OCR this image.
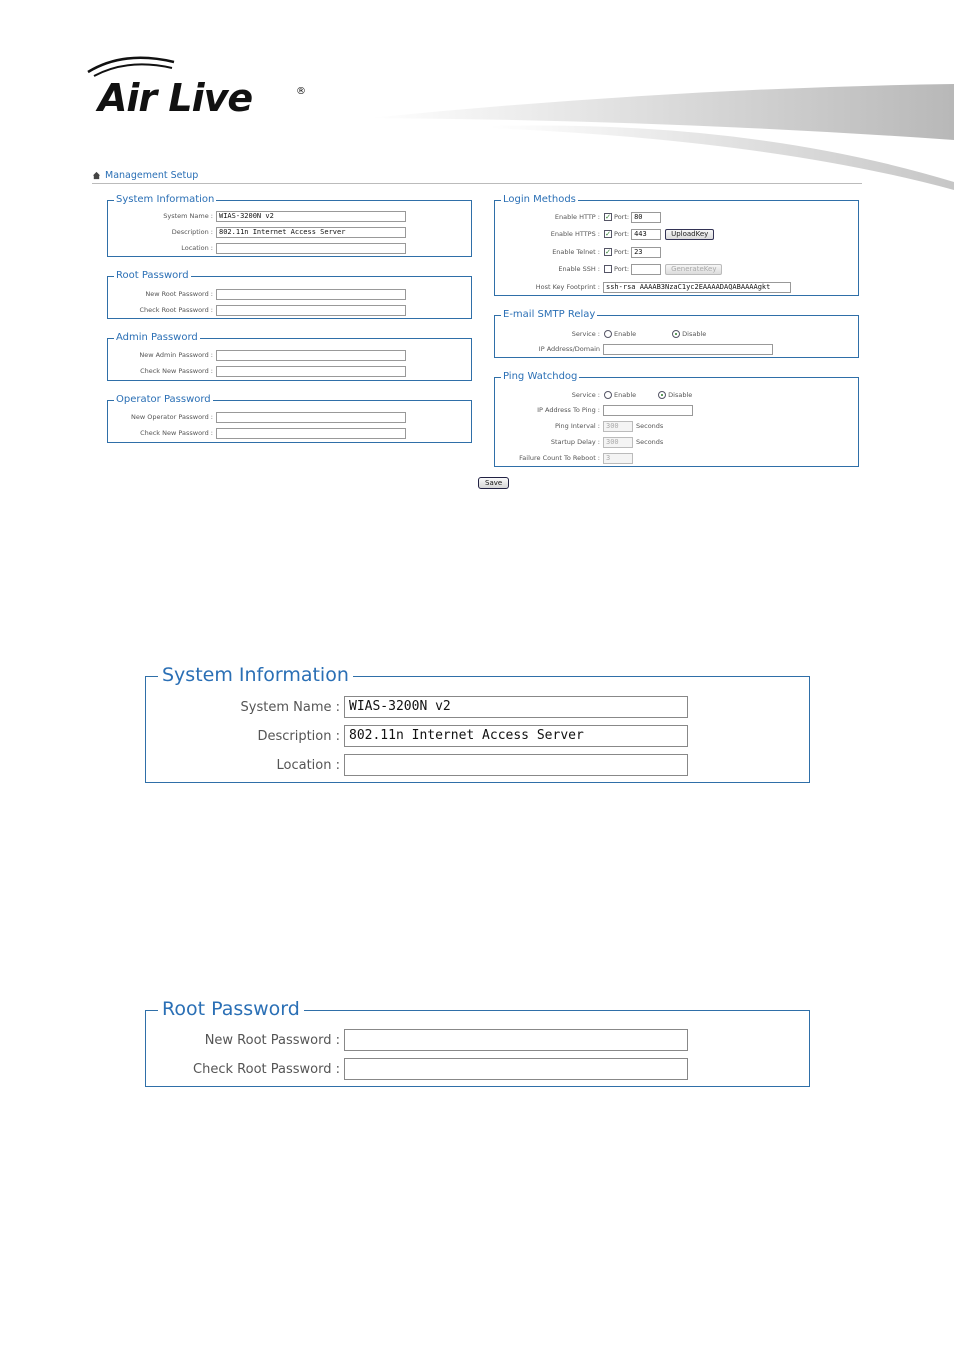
Air Live	®
Management Setup
System Information
System Name : WIAS-3200N v2
Description : 802.11n Internet Access Server
Location :
Root Password
New Root Password :
Check Root Password :
Admin Password
New Admin Password :
Check New Password :
Operator Password
New Operator Password :
Check New Password :
Login Methods
Enable HTTP : ✓ Port: 80
Enable HTTPS : ✓ Port: 443	UploadKey
Enable Telnet : ✓ Port: 23
Enable SSH : Port:	GenerateKey
Host Key Footprint : ssh-rsa AAAAB3NzaC1yc2EAAAADAQABAAAAgkt
E-mail SMTP Relay
Service : Enable	Disable
IP Address/Domain
Ping Watchdog
Service : Enable	Disable
IP Address To Ping :
Ping Interval : 300	Seconds
Startup Delay : 300	Seconds
Failure Count To Reboot : 3
Save
System Information
System Name : WIAS-3200N v2
Description : 802.11n Internet Access Server
Location :
Root Password
New Root Password :
Check Root Password :
